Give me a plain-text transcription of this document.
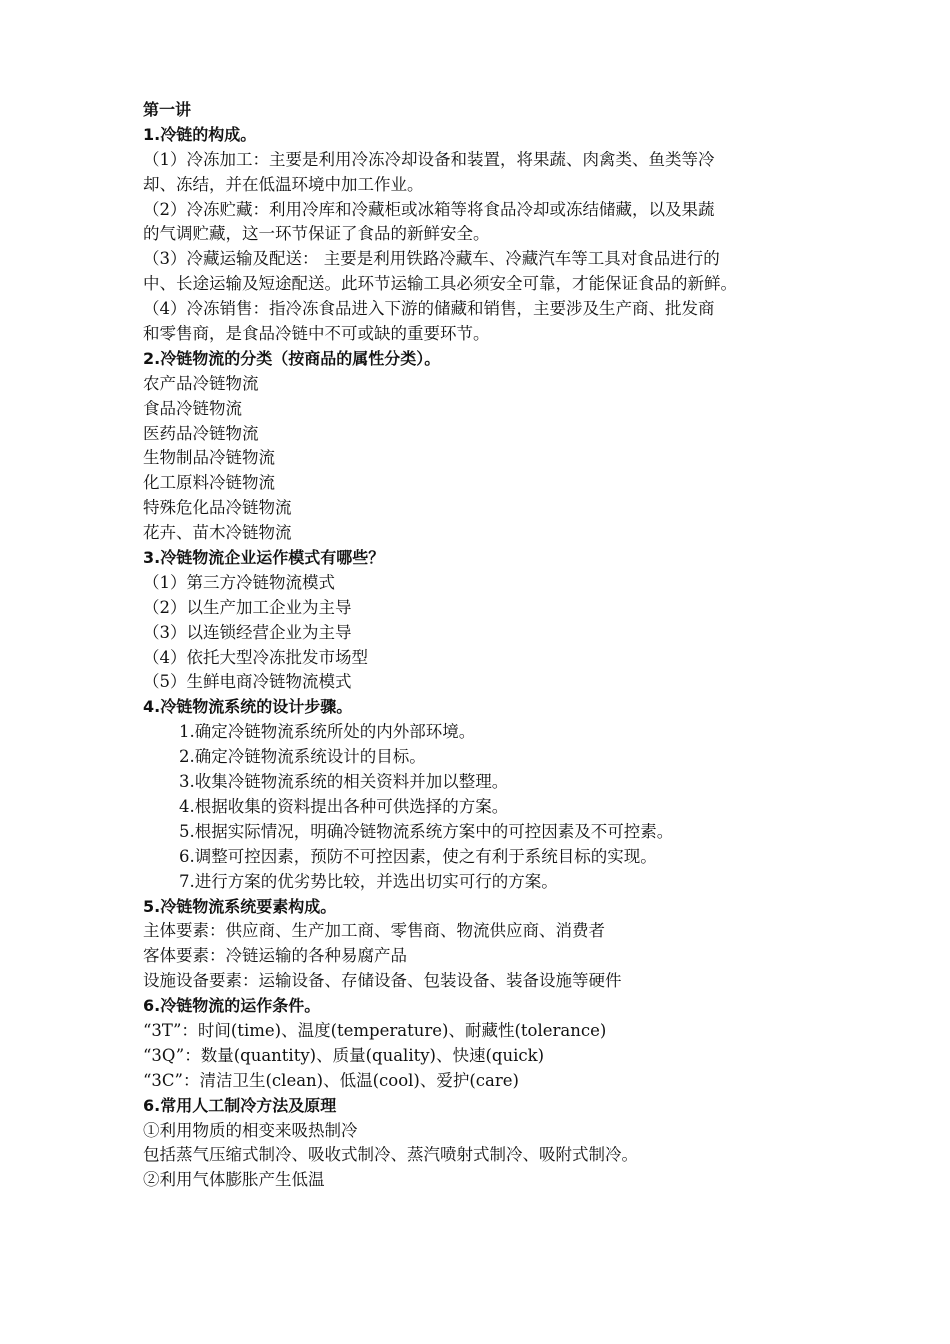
第一讲
1.冷链的构成。
（1）冷冻加工：主要是利用冷冻冷却设备和装置，将果蔬、肉禽类、鱼类等冷
却、冻结，并在低温环境中加工作业。
（2）冷冻贮藏：利用冷库和冷藏柜或冰箱等将食品冷却或冻结储藏，以及果蔬
的气调贮藏，这一环节保证了食品的新鲜安全。
（3）冷藏运输及配送： 主要是利用铁路冷藏车、冷藏汽车等工具对食品进行的
中、长途运输及短途配送。此环节运输工具必须安全可靠，才能保证食品的新鲜。
（4）冷冻销售：指冷冻食品进入下游的储藏和销售，主要涉及生产商、批发商
和零售商，是食品冷链中不可或缺的重要环节。
2.冷链物流的分类（按商品的属性分类）。
农产品冷链物流
食品冷链物流
医药品冷链物流
生物制品冷链物流
化工原料冷链物流
特殊危化品冷链物流
花卉、苗木冷链物流
3.冷链物流企业运作模式有哪些？
（1）第三方冷链物流模式
（2）以生产加工企业为主导
（3）以连锁经营企业为主导
（4）依托大型冷冻批发市场型
（5）生鲜电商冷链物流模式
4.冷链物流系统的设计步骤。
1.确定冷链物流系统所处的内外部环境。
2.确定冷链物流系统设计的目标。
3.收集冷链物流系统的相关资料并加以整理。
4.根据收集的资料提出各种可供选择的方案。
5.根据实际情况，明确冷链物流系统方案中的可控因素及不可控素。
6.调整可控因素，预防不可控因素，使之有利于系统目标的实现。
7.进行方案的优劣势比较，并选出切实可行的方案。
5.冷链物流系统要素构成。
主体要素：供应商、生产加工商、零售商、物流供应商、消费者
客体要素：冷链运输的各种易腐产品
设施设备要素：运输设备、存储设备、包装设备、装备设施等硬件
6.冷链物流的运作条件。
“3T”：时间(time)、温度(temperature)、耐藏性(tolerance)
“3Q”：数量(quantity)、质量(quality)、快速(quick)
“3C”：清洁卫生(clean)、低温(cool)、爱护(care)
6.常用人工制冷方法及原理
①利用物质的相变来吸热制冷
包括蒸气压缩式制冷、吸收式制冷、蒸汽喷射式制冷、吸附式制冷。
②利用气体膨胀产生低温
